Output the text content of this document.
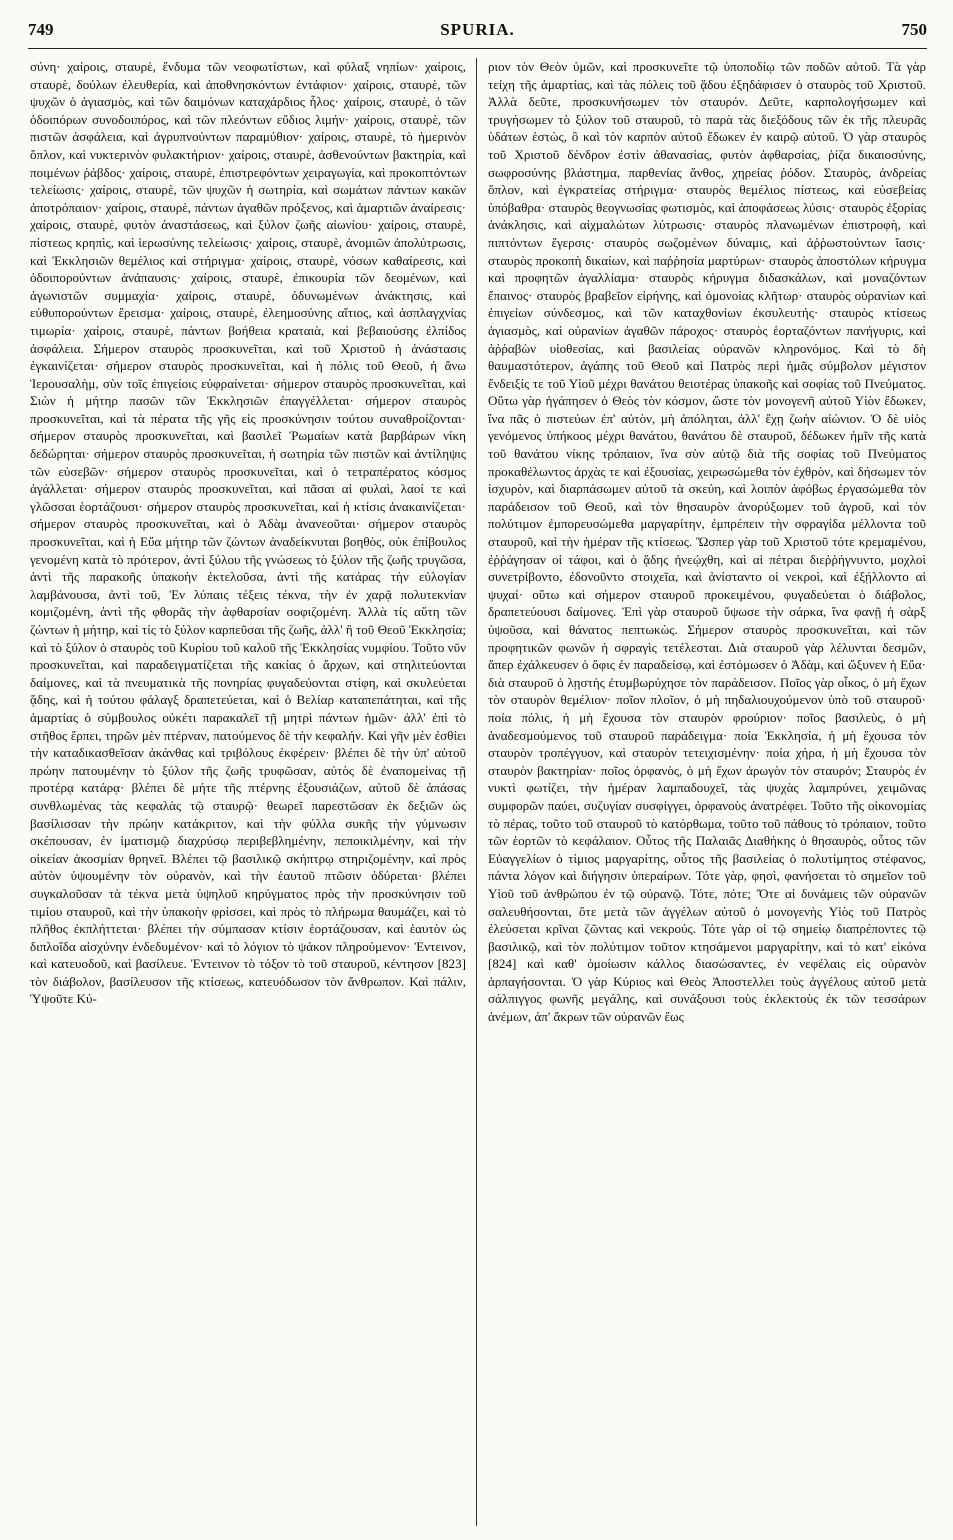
749	SPURIA.	750

σύνη· χαίροις, σταυρὲ, ἔνδυμα τῶν νεοφωτίστων, καὶ φύλαξ νηπίων· χαίροις, σταυρὲ, δούλων ἐλευθερία, καὶ ἀποθνησκόντων ἐντάφιον· χαίροις, σταυρὲ, τῶν ψυχῶν ὁ ἁγιασμὸς, καὶ τῶν δαιμόνων καταχάρδιος ἧλος· χαίροις, σταυρὲ, ὁ τῶν ὁδοιπόρων συνοδοιπόρος, καὶ τῶν πλεόντων εὔδιος λιμήν· χαίροις, σταυρὲ, τῶν πιστῶν ἀσφάλεια, καὶ ἀγρυπνούντων παραμύθιον· χαίροις, σταυρὲ, τὸ ἡμερινὸν ὅπλον, καὶ νυκτερινὸν φυλακτήριον· χαίροις, σταυρὲ, ἀσθενούντων βακτηρία, καὶ ποιμένων ῥάβδος· χαίροις, σταυρὲ, ἐπιστρεφόντων χειραγωγία, καὶ προκοπτόντων τελείωσις· χαίροις, σταυρὲ, τῶν ψυχῶν ἡ σωτηρία, καὶ σωμάτων πάντων κακῶν ἀποτρόπαιον· χαίροις, σταυρὲ, πάντων ἀγαθῶν πρόξενος, καὶ ἁμαρτιῶν ἀναίρεσις· χαίροις, σταυρὲ, φυτὸν ἀναστάσεως, καὶ ξύλον ζωῆς αἰωνίου· χαίροις, σταυρὲ, πίστεως κρηπὶς, καὶ ἱερωσύνης τελείωσις· χαίροις, σταυρὲ, ἀνομιῶν ἀπολύτρωσις, καὶ Ἐκκλησιῶν θεμέλιος καὶ στήριγμα· χαίροις, σταυρὲ, νόσων καθαίρεσις, καὶ ὁδοιπορούντων ἀνάπαυσις· χαίροις, σταυρὲ, ἐπικουρία τῶν δεομένων, καὶ ἀγωνιστῶν συμμαχία· χαίροις, σταυρὲ, ὀδυνωμένων ἀνάκτησις, καὶ εὐθυπορούντων ἔρεισμα· χαίροις, σταυρὲ, ἐλεημοσύνης αἴτιος, καὶ ἀσπλαγχνίας τιμωρία· χαίροις, σταυρὲ, πάντων βοήθεια κραταιὰ, καὶ βεβαιούσης ἐλπίδος ἀσφάλεια. Σήμερον σταυρὸς προσκυνεῖται, καὶ τοῦ Χριστοῦ ἡ ἀνάστασις ἐγκαινίζεται· σήμερον σταυρὸς προσκυνεῖται, καὶ ἡ πόλις τοῦ Θεοῦ, ἡ ἄνω Ἱερουσαλὴμ, σὺν τοῖς ἐπιγείοις εὐφραίνεται· σήμερον σταυρὸς προσκυνεῖται, καὶ Σιὼν ἡ μήτηρ πασῶν τῶν Ἐκκλησιῶν ἐπαγγέλλεται· σήμερον σταυρὸς προσκυνεῖται, καὶ τὰ πέρατα τῆς γῆς εἰς προσκύνησιν τούτου συναθροίζονται· σήμερον σταυρὸς προσκυνεῖται, καὶ βασιλεῖ Ῥωμαίων κατὰ βαρβάρων νίκη δεδώρηται· σήμερον σταυρὸς προσκυνεῖται, ἡ σωτηρία τῶν πιστῶν καὶ ἀντίληψις τῶν εὐσεβῶν· σήμερον σταυρὸς προσκυνεῖται, καὶ ὁ τετραπέρατος κόσμος ἀγάλλεται· σήμερον σταυρὸς προσκυνεῖται, καὶ πᾶσαι αἱ φυλαὶ, λαοί τε καὶ γλῶσσαι ἑορτάζουσι· σήμερον σταυρὸς προσκυνεῖται, καὶ ἡ κτίσις ἀνακαινίζεται· σήμερον σταυρὸς προσκυνεῖται, καὶ ὁ Ἀδὰμ ἀνανεοῦται· σήμερον σταυρὸς προσκυνεῖται, καὶ ἡ Εὔα μήτηρ τῶν ζώντων ἀναδείκνυται βοηθὸς, οὐκ ἐπίβουλος γενομένη κατὰ τὸ πρότερον, ἀντὶ ξύλου τῆς γνώσεως τὸ ξύλον τῆς ζωῆς τρυγῶσα, ἀντὶ τῆς παρακοῆς ὑπακοὴν ἐκτελοῦσα, ἀντὶ τῆς κατάρας τὴν εὐλογίαν λαμβάνουσα, ἀντὶ τοῦ, Ἐν λύπαις τέξεις τέκνα, τὴν ἐν χαρᾷ πολυτεκνίαν κομιζομένη, ἀντὶ τῆς φθορᾶς τὴν ἀφθαρσίαν σοφιζομένη. Ἀλλὰ τίς αὕτη τῶν ζώντων ἡ μήτηρ, καὶ τίς τὸ ξύλον καρπεῦσαι τῆς ζωῆς, ἀλλ' ἢ τοῦ Θεοῦ Ἐκκλησία; καὶ τὸ ξύλον ὁ σταυρὸς τοῦ Κυρίου τοῦ καλοῦ τῆς Ἐκκλησίας νυμφίου. Τοῦτο νῦν προσκυνεῖται, καὶ παραδειγματίζεται τῆς κακίας ὁ ἄρχων, καὶ στηλιτεύονται δαίμονες, καὶ τὰ πνευματικὰ τῆς πονηρίας φυγαδεύονται στίφη, καὶ σκυλεύεται ᾅδης, καὶ ἡ τούτου φάλαγξ δραπετεύεται, καὶ ὁ Βελίαρ καταπεπάτηται, καὶ τῆς ἁμαρτίας ὁ σύμβουλος οὐκέτι παρακαλεῖ τῇ μητρὶ πάντων ἡμῶν· ἀλλ' ἐπὶ τὸ στῆθος ἕρπει, τηρῶν μὲν πτέρναν, πατούμενος δὲ τὴν κεφαλήν. Καὶ γῆν μὲν ἐσθίει τὴν καταδικασθεῖσαν ἀκάνθας καὶ τριβόλους ἐκφέρειν· βλέπει δὲ τὴν ὑπ' αὐτοῦ πρώην πατουμένην τὸ ξύλον τῆς ζωῆς τρυφῶσαν, αὐτὸς δὲ ἐναπομείνας τῇ προτέρᾳ κατάρᾳ· βλέπει δὲ μήτε τῆς πτέρνης ἐξουσιάζων, αὐτοῦ δὲ ἁπάσας συνθλωμένας τὰς κεφαλὰς τῷ σταυρῷ· θεωρεῖ παρεστῶσαν ἐκ δεξιῶν ὡς βασίλισσαν τὴν πρώην κατάκριτον, καὶ τὴν φύλλα συκῆς τὴν γύμνωσιν σκέπουσαν, ἐν ἱματισμῷ διαχρύσῳ περιβεβλημένην, πεποικιλμένην, καὶ τὴν οἰκείαν ἀκοσμίαν θρηνεῖ. Βλέπει τῷ βασιλικῷ σκήπτρῳ στηριζομένην, καὶ πρὸς αὐτὸν ὑψουμένην τὸν οὐρανὸν, καὶ τὴν ἑαυτοῦ πτῶσιν ὀδύρεται· βλέπει συγκαλοῦσαν τὰ τέκνα μετὰ ὑψηλοῦ κηρύγματος πρὸς τὴν προσκύνησιν τοῦ τιμίου σταυροῦ, καὶ τὴν ὑπακοὴν φρίσσει, καὶ πρὸς τὸ πλήρωμα θαυμάζει, καὶ τὸ πλῆθος ἐκπλήττεται· βλέπει τὴν σύμπασαν κτίσιν ἑορτάζουσαν, καὶ ἑαυτὸν ὡς διπλοΐδα αἰσχύνην ἐνδεδυμένον· καὶ τὸ λόγιον τὸ ψάκον πληρούμενον· Ἐντεινον, καὶ κατευοδοῦ, καὶ βασίλευε. Ἐντεινον τὸ τόξον τὸ τοῦ σταυροῦ, κέντησον [823] τὸν διάβολον, βασίλευσον τῆς κτίσεως, κατευόδωσον τὸν ἄνθρωπον. Καὶ πάλιν, Ὑψοῦτε Κύ-

ριον τὸν Θεὸν ὑμῶν, καὶ προσκυνεῖτε τῷ ὑποποδίῳ τῶν ποδῶν αὐτοῦ. Τὰ γὰρ τείχη τῆς ἁμαρτίας, καὶ τὰς πόλεις τοῦ ᾅδου ἐξηδάφισεν ὁ σταυρὸς τοῦ Χριστοῦ. Ἀλλὰ δεῦτε, προσκυνήσωμεν τὸν σταυρόν. Δεῦτε, καρπολογήσωμεν καὶ τρυγήσωμεν τὸ ξύλον τοῦ σταυροῦ, τὸ παρὰ τὰς διεξόδους τῶν ἐκ τῆς πλευρᾶς ὑδάτων ἑστὼς, ὃ καὶ τὸν καρπὸν αὐτοῦ ἔδωκεν ἐν καιρῷ αὐτοῦ. Ὁ γὰρ σταυρὸς τοῦ Χριστοῦ δένδρον ἐστὶν ἀθανασίας, φυτὸν ἀφθαρσίας, ῥίζα δικαιοσύνης, σωφροσύνης βλάστημα, παρθενίας ἄνθος, χηρείας ῥόδον. Σταυρὸς, ἀνδρείας ὅπλον, καὶ ἐγκρατείας στήριγμα· σταυρὸς θεμέλιος πίστεως, καὶ εὐσεβείας ὑπόβαθρα· σταυρὸς θεογνωσίας φωτισμὸς, καὶ ἀποφάσεως λύσις· σταυρὸς ἐξορίας ἀνάκλησις, καὶ αἰχμαλώτων λύτρωσις· σταυρὸς πλανωμένων ἐπιστροφὴ, καὶ πιπτόντων ἔγερσις· σταυρὸς σωζομένων δύναμις, καὶ ἀῤῥωστούντων ἴασις· σταυρὸς προκοπὴ δικαίων, καὶ παῤῥησία μαρτύρων· σταυρὸς ἀποστόλων κήρυγμα καὶ προφητῶν ἀγαλλίαμα· σταυρὸς κήρυγμα διδασκάλων, καὶ μοναζόντων ἔπαινος· σταυρὸς βραβεῖον εἰρήνης, καὶ ὁμονοίας κλῆτωρ· σταυρὸς οὐρανίων καὶ ἐπιγείων σύνδεσμος, καὶ τῶν καταχθονίων ἐκσυλευτής· σταυρὸς κτίσεως ἁγιασμὸς, καὶ οὐρανίων ἀγαθῶν πάροχος· σταυρὸς ἑορταζόντων πανήγυρις, καὶ ἀῤῥαβὼν υἱοθεσίας, καὶ βασιλείας οὐρανῶν κληρονόμος. Καὶ τὸ δὴ θαυμαστότερον, ἀγάπης τοῦ Θεοῦ καὶ Πατρὸς περὶ ἡμᾶς σύμβολον μέγιστον ἔνδειξίς τε τοῦ Υἱοῦ μέχρι θανάτου θειοτέρας ὑπακοῆς καὶ σοφίας τοῦ Πνεύματος. Οὕτω γὰρ ἠγάπησεν ὁ Θεὸς τὸν κόσμον, ὥστε τὸν μονογενῆ αὐτοῦ Υἱὸν ἔδωκεν, ἵνα πᾶς ὁ πιστεύων ἐπ' αὐτὸν, μὴ ἀπόληται, ἀλλ' ἔχῃ ζωὴν αἰώνιον. Ὁ δὲ υἱὸς γενόμενος ὑπήκοος μέχρι θανάτου, θανάτου δὲ σταυροῦ, δέδωκεν ἡμῖν τῆς κατὰ τοῦ θανάτου νίκης τρόπαιον, ἵνα σὺν αὐτῷ διὰ τῆς σοφίας τοῦ Πνεύματος προκαθέλωντος ἀρχὰς τε καὶ ἐξουσίας, χειρωσώμεθα τὸν ἐχθρὸν, καὶ δήσωμεν τὸν ἰσχυρὸν, καὶ διαρπάσωμεν αὐτοῦ τὰ σκεύη, καὶ λοιπὸν ἀφόβως ἐργασώμεθα τὸν παράδεισον τοῦ Θεοῦ, καὶ τὸν θησαυρὸν ἀνορύξωμεν τοῦ ἀγροῦ, καὶ τὸν πολύτιμον ἐμπορευσώμεθα μαργαρίτην, ἐμπρέπειν τὴν σφραγίδα μέλλοντα τοῦ σταυροῦ, καὶ τὴν ἡμέραν τῆς κτίσεως. Ὥσπερ γὰρ τοῦ Χριστοῦ τότε κρεμαμένου, ἐῤῥάγησαν οἱ τάφοι, καὶ ὁ ᾅδης ἠνεῴχθη, καὶ αἱ πέτραι διεῤῥήγνυντο, μοχλοὶ συνετρίβοντο, ἐδονοῦντο στοιχεῖα, καὶ ἀνίσταντο οἱ νεκροὶ, καὶ ἐξῄλλοντο αἱ ψυχαί· οὕτω καὶ σήμερον σταυροῦ προκειμένου, φυγαδεύεται ὁ διάβολος, δραπετεύουσι δαίμονες. Ἐπὶ γὰρ σταυροῦ ὕψωσε τὴν σάρκα, ἵνα φανῇ ἡ σὰρξ ὑψοῦσα, καὶ θάνατος πεπτωκὼς. Σήμερον σταυρὸς προσκυνεῖται, καὶ τῶν προφητικῶν φωνῶν ἡ σφραγὶς τετέλεσται. Διὰ σταυροῦ γὰρ λέλυνται δεσμῶν, ἅπερ ἐχάλκευσεν ὁ ὄφις ἐν παραδείσῳ, καὶ ἐστόμωσεν ὁ Ἀδὰμ, καὶ ὤξυνεν ἡ Εὔα· διὰ σταυροῦ ὁ λῃστὴς ἐτυμβωρύχησε τὸν παράδεισον. Ποῖος γὰρ οἶκος, ὁ μὴ ἔχων τὸν σταυρὸν θεμέλιον· ποῖον πλοῖον, ὁ μὴ πηδαλιουχούμενον ὑπὸ τοῦ σταυροῦ· ποία πόλις, ἡ μὴ ἔχουσα τὸν σταυρὸν φρούριον· ποῖος βασιλεὺς, ὁ μὴ ἀναδεσμούμενος τοῦ σταυροῦ παράδειγμα· ποία Ἐκκλησία, ἡ μὴ ἔχουσα τὸν σταυρὸν τροπέγγυον, καὶ σταυρὸν τετειχισμένην· ποία χήρα, ἡ μὴ ἔχουσα τὸν σταυρὸν βακτηρίαν· ποῖος ὀρφανὸς, ὁ μὴ ἔχων ἀρωγὸν τὸν σταυρόν; Σταυρὸς ἐν νυκτὶ φωτίζει, τὴν ἡμέραν λαμπαδουχεῖ, τὰς ψυχὰς λαμπρύνει, χειμῶνας συμφορῶν παύει, συζυγίαν συσφίγγει, ὀρφανοὺς ἀνατρέφει. Τοῦτο τῆς οἰκονομίας τὸ πέρας, τοῦτο τοῦ σταυροῦ τὸ κατόρθωμα, τοῦτο τοῦ πάθους τὸ τρόπαιον, τοῦτο τῶν ἑορτῶν τὸ κεφάλαιον. Οὗτος τῆς Παλαιᾶς Διαθήκης ὁ θησαυρὸς, οὗτος τῶν Εὐαγγελίων ὁ τίμιος μαργαρίτης, οὗτος τῆς βασιλείας ὁ πολυτίμητος στέφανος, πάντα λόγον καὶ διήγησιν ὑπεραίρων. Τότε γὰρ, φησὶ, φανήσεται τὸ σημεῖον τοῦ Υἱοῦ τοῦ ἀνθρώπου ἐν τῷ οὐρανῷ. Τότε, πότε; Ὅτε αἱ δυνάμεις τῶν οὐρανῶν σαλευθήσονται, ὅτε μετὰ τῶν ἀγγέλων αὐτοῦ ὁ μονογενὴς Υἱὸς τοῦ Πατρὸς ἐλεύσεται κρῖναι ζῶντας καὶ νεκρούς. Τότε γὰρ οἱ τῷ σημείῳ διαπρέποντες τῷ βασιλικῷ, καὶ τὸν πολύτιμον τοῦτον κτησάμενοι μαργαρίτην, καὶ τὸ κατ' εἰκόνα [824] καὶ καθ' ὁμοίωσιν κάλλος διασώσαντες, ἐν νεφέλαις εἰς οὐρανὸν ἁρπαγήσονται. Ὁ γὰρ Κύριος καὶ Θεὸς Ἀποστελλει τοὺς ἀγγέλους αὐτοῦ μετὰ σάλπιγγος φωνῆς μεγάλης, καὶ συνάξουσι τοὺς ἐκλεκτοὺς ἐκ τῶν τεσσάρων ἀνέμων, ἀπ' ἄκρων τῶν οὐρανῶν ἕως
